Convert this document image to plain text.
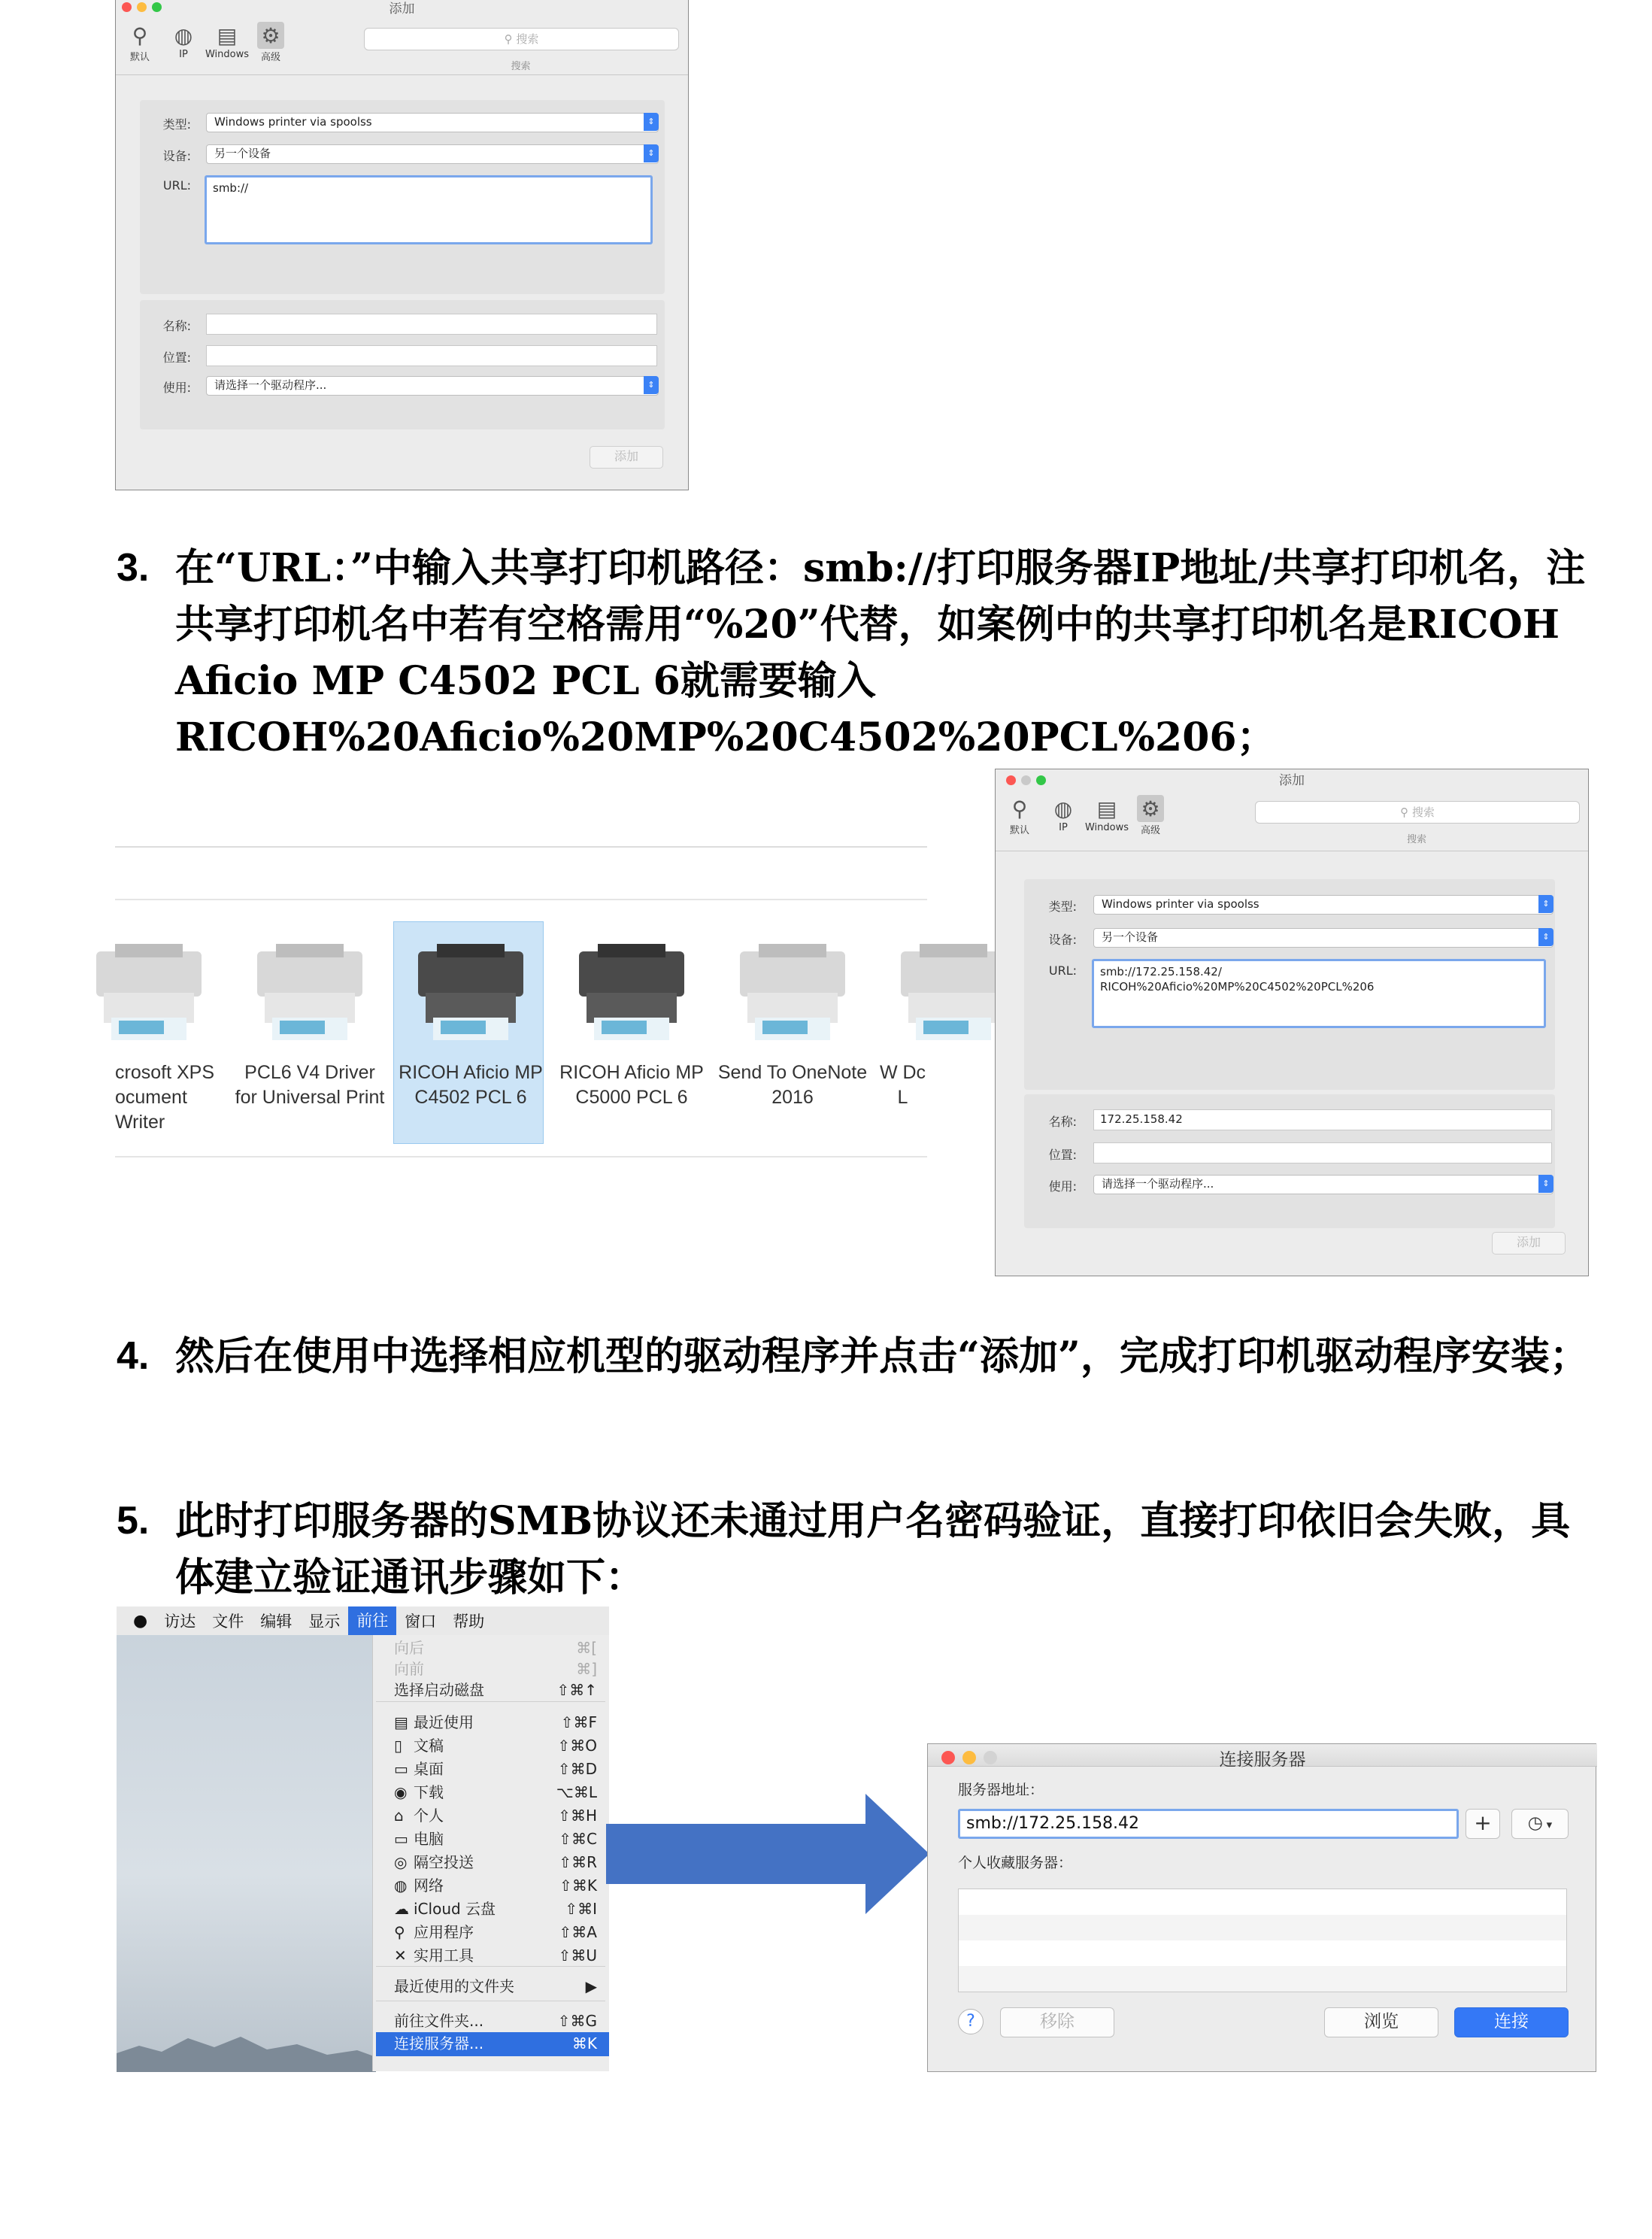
添加
⚲
默认
◍
IP
▤
Windows
⚙
高级
⚲ 搜索
搜索
类型:	Windows printer via spoolss	⇕
设备:	另一个设备	⇕
URL:	smb://
名称:
位置:
使用:	请选择一个驱动程序...	⇕
添加
3. 在“URL：”中输入共享打印机路径：smb://打印服务器IP地址/共享打印机名，注共享打印机名中若有空格需用“%20”代替，如案例中的共享打印机名是RICOH Aficio MP C4502 PCL 6就需要输入RICOH%20Aficio%20MP%20C4502%20PCL%206；
crosoft XPS ocument Writer
PCL6 V4 Driver for Universal Print
RICOH Aficio MP C4502 PCL 6
RICOH Aficio MP C5000 PCL 6
Send To OneNote 2016
W Dc L
添加
⚲
默认
◍
IP
▤
Windows
⚙
高级
⚲ 搜索
搜索
类型:	Windows printer via spoolss	⇕
设备:	另一个设备	⇕
URL: smb://172.25.158.42/
RICOH%20Aficio%20MP%20C4502%20PCL%206
名称:	172.25.158.42
位置:
使用:	请选择一个驱动程序...	⇕
添加
4. 然后在使用中选择相应机型的驱动程序并点击“添加”，完成打印机驱动程序安装；
5. 此时打印服务器的SMB协议还未通过用户名密码验证，直接打印依旧会失败，具体建立验证通讯步骤如下：
●	访达	文件	编辑	显示	前往	窗口	帮助
向后	⌘[
向前	⌘]
选择启动磁盘	⇧⌘↑
▤ 最近使用	⇧⌘F
▯ 文稿	⇧⌘O
▭ 桌面	⇧⌘D
◉ 下载	⌥⌘L
⌂ 个人	⇧⌘H
▭ 电脑	⇧⌘C
◎ 隔空投送	⇧⌘R
◍ 网络	⇧⌘K
☁ iCloud 云盘	⇧⌘I
⚲ 应用程序	⇧⌘A
✕ 实用工具	⇧⌘U
最近使用的文件夹	▶
前往文件夹...	⇧⌘G
连接服务器...	⌘K
连接服务器
服务器地址：
smb://172.25.158.42	+	◷ ▾
个人收藏服务器：
?	移除	浏览	连接
